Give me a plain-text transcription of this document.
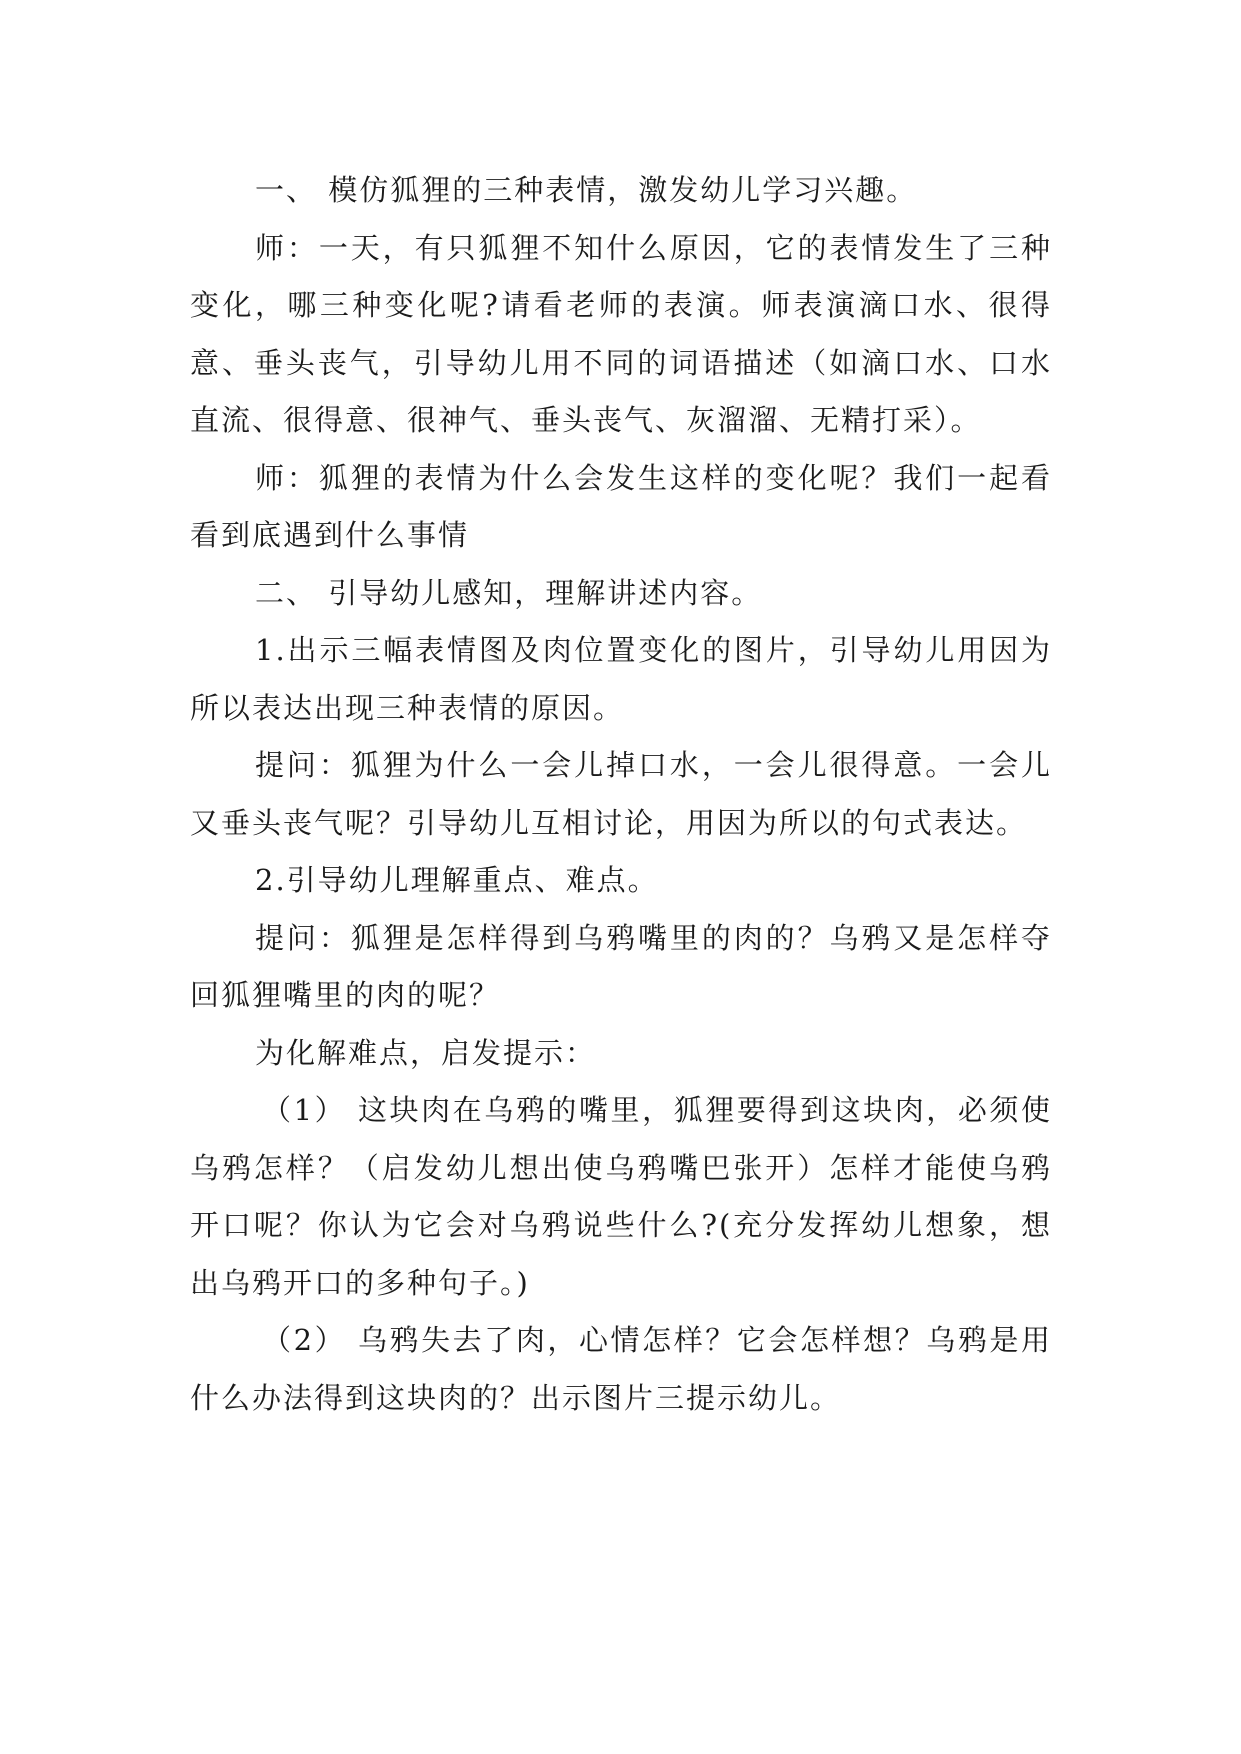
一、 模仿狐狸的三种表情，激发幼儿学习兴趣。

师：一天，有只狐狸不知什么原因，它的表情发生了三种变化，哪三种变化呢?请看老师的表演。师表演滴口水、很得意、垂头丧气，引导幼儿用不同的词语描述（如滴口水、口水直流、很得意、很神气、垂头丧气、灰溜溜、无精打采）。

师：狐狸的表情为什么会发生这样的变化呢？我们一起看看到底遇到什么事情

二、 引导幼儿感知，理解讲述内容。

1.出示三幅表情图及肉位置变化的图片，引导幼儿用因为所以表达出现三种表情的原因。

提问：狐狸为什么一会儿掉口水，一会儿很得意。一会儿又垂头丧气呢？引导幼儿互相讨论，用因为所以的句式表达。

2.引导幼儿理解重点、难点。

提问：狐狸是怎样得到乌鸦嘴里的肉的？乌鸦又是怎样夺回狐狸嘴里的肉的呢？

为化解难点，启发提示：

（1） 这块肉在乌鸦的嘴里，狐狸要得到这块肉，必须使乌鸦怎样？（启发幼儿想出使乌鸦嘴巴张开）怎样才能使乌鸦开口呢？你认为它会对乌鸦说些什么?(充分发挥幼儿想象，想出乌鸦开口的多种句子。)

（2） 乌鸦失去了肉，心情怎样？它会怎样想？乌鸦是用什么办法得到这块肉的？出示图片三提示幼儿。
